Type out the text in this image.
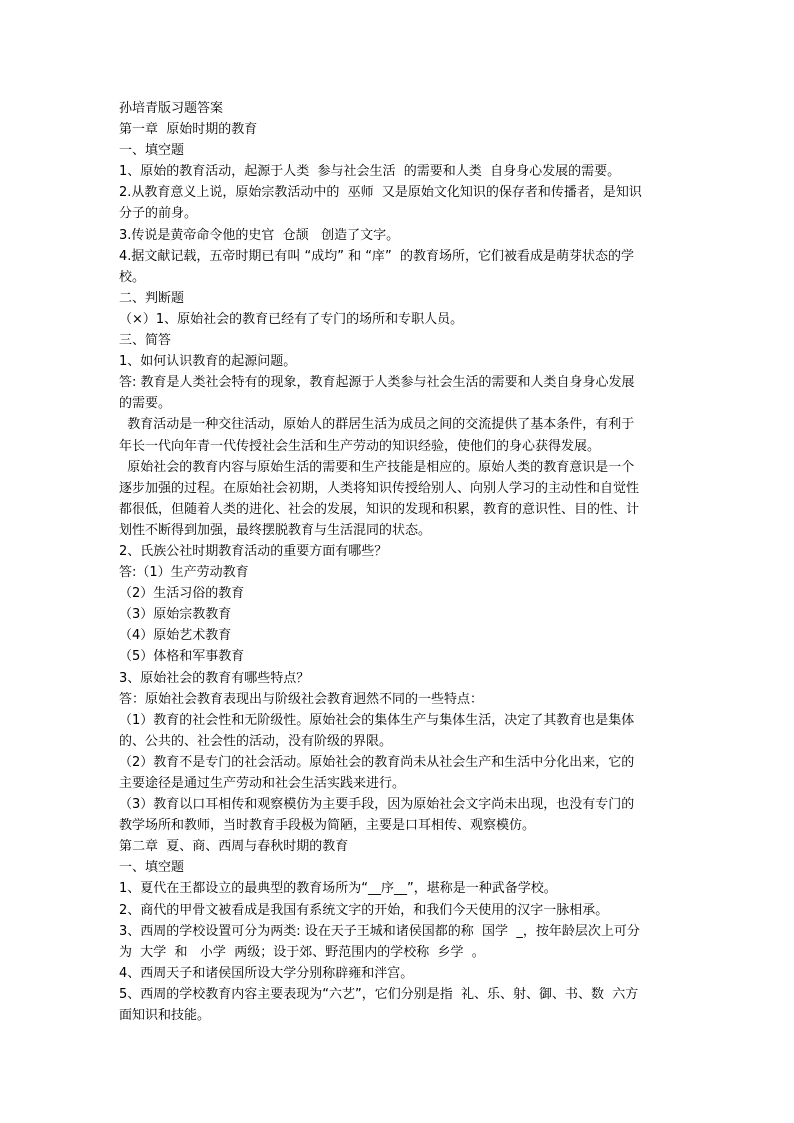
孙培青版习题答案

第一章  原始时期的教育

一、填空题

1、原始的教育活动，起源于人类  参与社会生活  的需要和人类  自身身心发展的需要。

2.从教育意义上说，原始宗教活动中的  巫师  又是原始文化知识的保存者和传播者，是知识

分子的前身。

3.传说是黄帝命令他的史官  仓颉   创造了文字。

4.据文献记载，五帝时期已有叫 “成均” 和 “庠”  的教育场所，它们被看成是萌芽状态的学

校。

二、判断题

（×）1、原始社会的教育已经有了专门的场所和专职人员。

三、简答

1、如何认识教育的起源问题。

答: 教育是人类社会特有的现象，教育起源于人类参与社会生活的需要和人类自身身心发展

的需要。

教育活动是一种交往活动，原始人的群居生活为成员之间的交流提供了基本条件，有利于

年长一代向年青一代传授社会生活和生产劳动的知识经验，使他们的身心获得发展。

原始社会的教育内容与原始生活的需要和生产技能是相应的。原始人类的教育意识是一个

逐步加强的过程。在原始社会初期，人类将知识传授给别人、向别人学习的主动性和自觉性

都很低，但随着人类的进化、社会的发展，知识的发现和积累，教育的意识性、目的性、计

划性不断得到加强，最终摆脱教育与生活混同的状态。

2、氏族公社时期教育活动的重要方面有哪些？

答:（1）生产劳动教育

（2）生活习俗的教育

（3）原始宗教教育

（4）原始艺术教育

（5）体格和军事教育

3、原始社会的教育有哪些特点？

答：原始社会教育表现出与阶级社会教育迥然不同的一些特点：

（1）教育的社会性和无阶级性。原始社会的集体生产与集体生活，决定了其教育也是集体

的、公共的、社会性的活动，没有阶级的界限。

（2）教育不是专门的社会活动。原始社会的教育尚未从社会生产和生活中分化出来，它的

主要途径是通过生产劳动和社会生活实践来进行。

（3）教育以口耳相传和观察模仿为主要手段，因为原始社会文字尚未出现，也没有专门的

教学场所和教师，当时教育手段极为简陋，主要是口耳相传、观察模仿。

第二章  夏、商、西周与春秋时期的教育

一、填空题

1、夏代在王都设立的最典型的教育场所为“__序__”，堪称是一种武备学校。

2、商代的甲骨文被看成是我国有系统文字的开始，和我们今天使用的汉字一脉相承。

3、西周的学校设置可分为两类: 设在天子王城和诸侯国都的称  国学  _，按年龄层次上可分

为  大学  和   小学  两级；设于郊、野范围内的学校称  乡学  。

4、西周天子和诸侯国所设大学分别称辟雍和泮宫。

5、西周的学校教育内容主要表现为“六艺”，它们分别是指  礼、乐、射、御、书、数  六方

面知识和技能。
